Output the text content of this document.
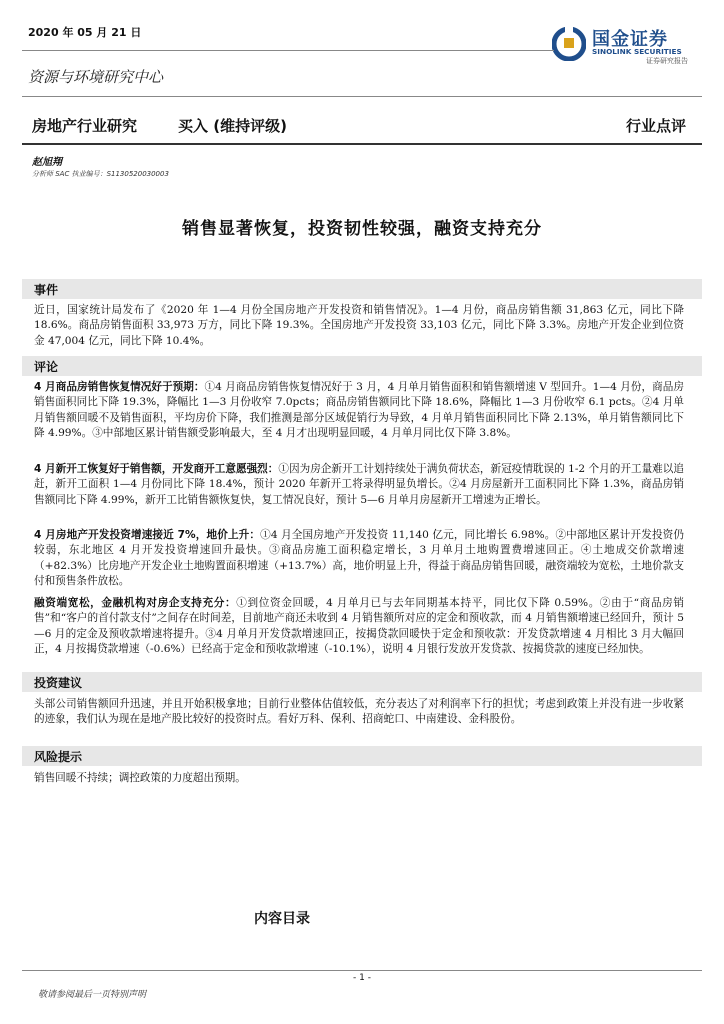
2020 年 05 月 21 日	国金证券
SINOLINK SECURITIES
证券研究报告
资源与环境研究中心
房地产行业研究	买入 (维持评级)	行业点评
赵旭翔
分析师 SAC 执业编号：S1130520030003
销售显著恢复，投资韧性较强，融资支持充分
事件
近日，国家统计局发布了《2020 年 1—4 月份全国房地产开发投资和销售情况》。1—4 月份，商品房销售额 31,863 亿元，同比下降 18.6%。商品房销售面积 33,973 万方，同比下降 19.3%。全国房地产开发投资 33,103 亿元，同比下降 3.3%。房地产开发企业到位资金 47,004 亿元，同比下降 10.4%。
评论
4 月商品房销售恢复情况好于预期：①4 月商品房销售恢复情况好于 3 月，4 月单月销售面积和销售额增速 V 型回升。1—4 月份，商品房销售面积同比下降 19.3%，降幅比 1—3 月份收窄 7.0pcts；商品房销售额同比下降 18.6%，降幅比 1—3 月份收窄 6.1 pcts。②4 月单月销售额回暖不及销售面积，平均房价下降，我们推测是部分区域促销行为导致，4 月单月销售面积同比下降 2.13%，单月销售额同比下降 4.99%。③中部地区累计销售额受影响最大，至 4 月才出现明显回暖，4 月单月同比仅下降 3.8%。
4 月新开工恢复好于销售额，开发商开工意愿强烈：①因为房企新开工计划持续处于满负荷状态，新冠疫情耽误的 1-2 个月的开工量难以追赶，新开工面积 1—4 月份同比下降 18.4%，预计 2020 年新开工将录得明显负增长。②4 月房屋新开工面积同比下降 1.3%，商品房销售额同比下降 4.99%，新开工比销售额恢复快，复工情况良好，预计 5—6 月单月房屋新开工增速为正增长。
4 月房地产开发投资增速接近 7%，地价上升：①4 月全国房地产开发投资 11,140 亿元，同比增长 6.98%。②中部地区累计开发投资仍较弱，东北地区 4 月开发投资增速回升最快。③商品房施工面积稳定增长，3 月单月土地购置费增速回正。④土地成交价款增速（+82.3%）比房地产开发企业土地购置面积增速（+13.7%）高，地价明显上升，得益于商品房销售回暖，融资端较为宽松，土地价款支付和预售条件放松。
融资端宽松，金融机构对房企支持充分：①到位资金回暖，4 月单月已与去年同期基本持平，同比仅下降 0.59%。②由于“商品房销售”和“客户的首付款支付”之间存在时间差，目前地产商还未收到 4 月销售额所对应的定金和预收款，而 4 月销售额增速已经回升，预计 5—6 月的定金及预收款增速将提升。③4 月单月开发贷款增速回正，按揭贷款回暖快于定金和预收款：开发贷款增速 4 月相比 3 月大幅回正，4 月按揭贷款增速（-0.6%）已经高于定金和预收款增速（-10.1%），说明 4 月银行发放开发贷款、按揭贷款的速度已经加快。
投资建议
头部公司销售额回升迅速，并且开始积极拿地；目前行业整体估值较低，充分表达了对利润率下行的担忧；考虑到政策上并没有进一步收紧的迹象，我们认为现在是地产股比较好的投资时点。看好万科、保利、招商蛇口、中南建设、金科股份。
风险提示
销售回暖不持续；调控政策的力度超出预期。
内容目录
- 1 -
敬请参阅最后一页特别声明
